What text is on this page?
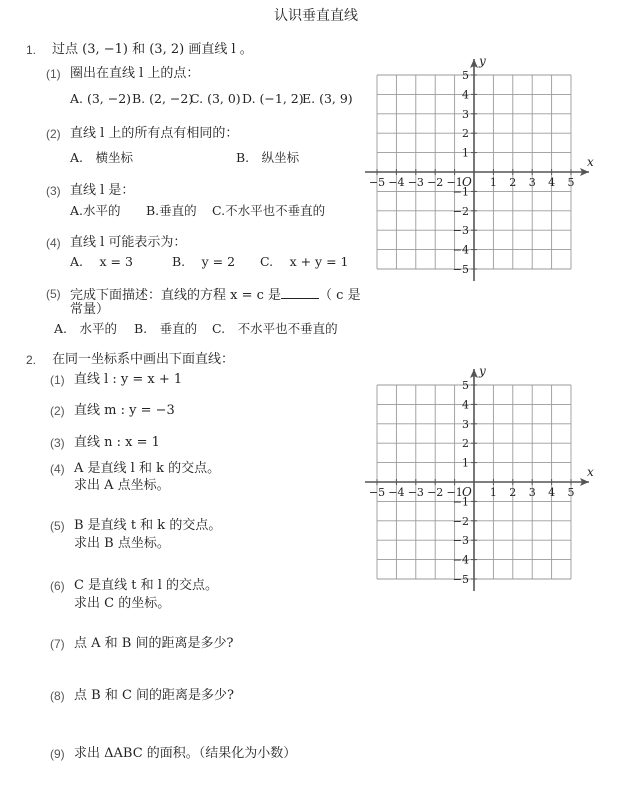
认识垂直直线
1. 过点 (3, −1) 和 (3, 2) 画直线 l 。
(1) 圈出在直线 l 上的点：
A. (3, −2) B. (2, −2)
C. (3, 0) D. (−1, 2)
E. (3, 9)
(2) 直线 l 上的所有点有相同的：
A.　横坐标	B.　纵坐标
(3) 直线 l 是：
A.水平的 B.垂直的 C.不水平也不垂直的
(4) 直线 l 可能表示为：
A.　 x = 3	B.　 y = 2 C.　 x + y = 1
(5) 完成下面描述：直线的方程 x = c 是	（ c 是
常量）
A.　水平的 B.　垂直的 C.　不水平也不垂直的
2. 在同一坐标系中画出下面直线：
(1) 直线 l : y = x + 1
(2) 直线 m : y = −3
(3) 直线 n : x = 1
(4) A 是直线 l 和 k 的交点。
求出 A 点坐标。
(5) B 是直线 t 和 k 的交点。
求出 B 点坐标。
(6) C 是直线 t 和 l 的交点。
求出 C 的坐标。
(7) 点 A 和 B 间的距离是多少?
(8) 点 B 和 C 间的距离是多少?
(9) 求出 ΔABC 的面积。（结果化为小数）
x
y
O
−5 −4 −3 −2 −1 1 2 3 4 5
5
4
3
2
1
−1
−2
−3
−4
−5
x
y
O
−5 −4 −3 −2 −1 1 2 3 4 5
5
4
3
2
1
−1
−2
−3
−4
−5
